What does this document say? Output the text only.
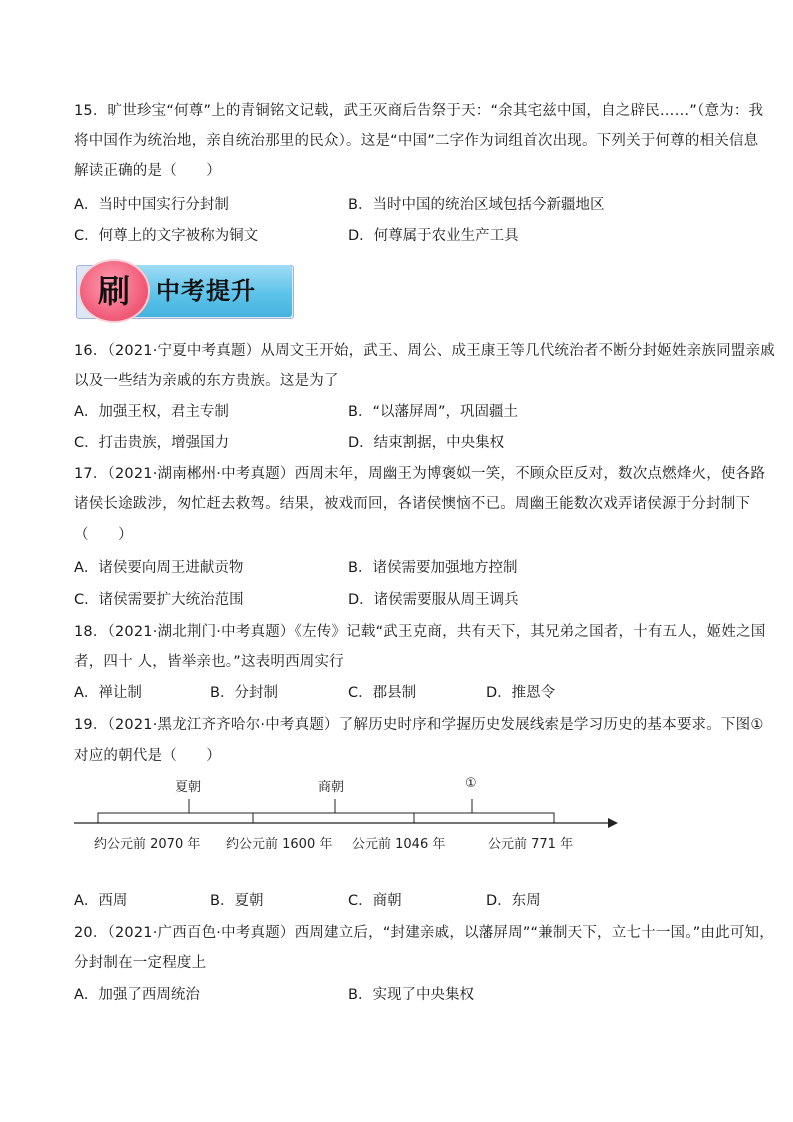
15．旷世珍宝“何尊”上的青铜铭文记载，武王灭商后告祭于天：“余其宅兹中国，自之辟民……”（意为：我
将中国作为统治地，亲自统治那里的民众）。这是“中国”二字作为词组首次出现。下列关于何尊的相关信息
解读正确的是（　　）
A．当时中国实行分封制	B．当时中国的统治区域包括今新疆地区
C．何尊上的文字被称为铜文	D．何尊属于农业生产工具
刷	中考提升
16．（2021·宁夏中考真题）从周文王开始，武王、周公、成王康王等几代统治者不断分封姬姓亲族同盟亲戚
以及一些结为亲戚的东方贵族。这是为了
A．加强王权，君主专制	B．“以藩屏周”，巩固疆土
C．打击贵族，增强国力	D．结束割据，中央集权
17．（2021·湖南郴州·中考真题）西周末年，周幽王为博褒姒一笑，不顾众臣反对，数次点燃烽火，使各路
诸侯长途跋涉，匆忙赶去救驾。结果，被戏而回，各诸侯懊恼不已。周幽王能数次戏弄诸侯源于分封制下
（　　）
A．诸侯要向周王进献贡物	B．诸侯需要加强地方控制
C．诸侯需要扩大统治范围	D．诸侯需要服从周王调兵
18．（2021·湖北荆门·中考真题）《左传》记载“武王克商，共有天下，其兄弟之国者，十有五人，姬姓之国
者，四十 人，皆举亲也。”这表明西周实行
A．禅让制	B．分封制	C．郡县制	D．推恩令
19．（2021·黑龙江齐齐哈尔·中考真题）了解历史时序和学握历史发展线索是学习历史的基本要求。下图①
对应的朝代是（　　）
夏朝	商朝	①
约公元前 2070 年 约公元前 1600 年 公元前 1046 年	公元前 771 年
A．西周	B．夏朝	C．商朝	D．东周
20．（2021·广西百色·中考真题）西周建立后，“封建亲戚，以藩屏周”“兼制天下，立七十一国。”由此可知，
分封制在一定程度上
A．加强了西周统治	B．实现了中央集权
